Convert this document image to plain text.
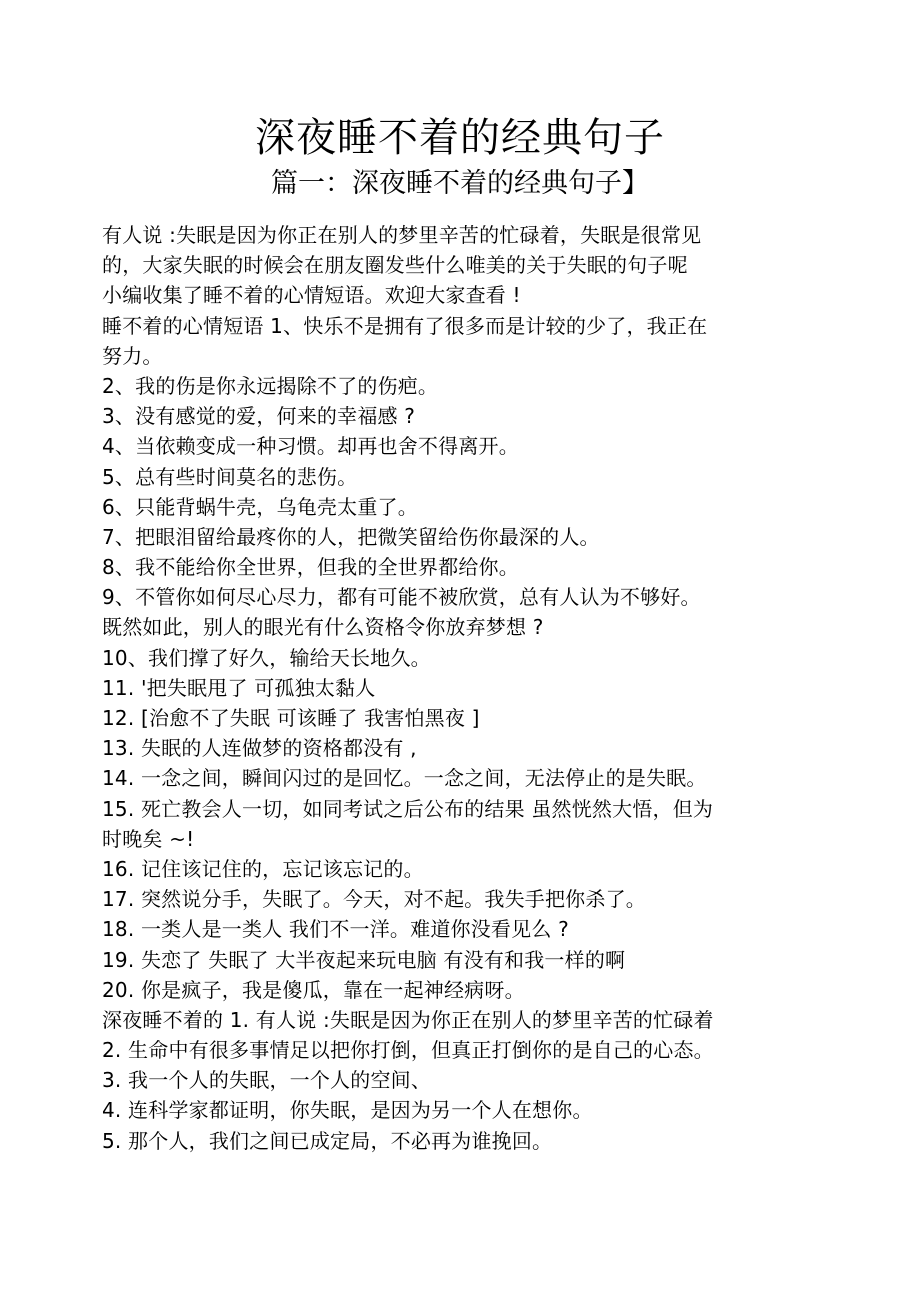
深夜睡不着的经典句子
篇一：深夜睡不着的经典句子】
有人说 :失眠是因为你正在别人的梦里辛苦的忙碌着，失眠是很常见
的，大家失眠的时候会在朋友圈发些什么唯美的关于失眠的句子呢
小编收集了睡不着的心情短语。欢迎大家查看 !
睡不着的心情短语 1、快乐不是拥有了很多而是计较的少了，我正在
努力。
2、我的伤是你永远揭除不了的伤疤。
3、没有感觉的爱，何来的幸福感 ?
4、当依赖变成一种习惯。却再也舍不得离开。
5、总有些时间莫名的悲伤。
6、只能背蜗牛壳，乌龟壳太重了。
7、把眼泪留给最疼你的人，把微笑留给伤你最深的人。
8、我不能给你全世界，但我的全世界都给你。
9、不管你如何尽心尽力，都有可能不被欣赏，总有人认为不够好。
既然如此，别人的眼光有什么资格令你放弃梦想 ?
10、我们撑了好久，输给天长地久。
11. '把失眠甩了 可孤独太黏人
12. [治愈不了失眠 可该睡了 我害怕黑夜 ]
13. 失眠的人连做梦的资格都没有 ,
14. 一念之间，瞬间闪过的是回忆。一念之间，无法停止的是失眠。
15. 死亡教会人一切，如同考试之后公布的结果 虽然恍然大悟，但为
时晚矣 ~!
16. 记住该记住的，忘记该忘记的。
17. 突然说分手，失眠了。今天，对不起。我失手把你杀了。
18. 一类人是一类人 我们不一洋。难道你没看见么 ?
19. 失恋了 失眠了 大半夜起来玩电脑 有没有和我一样的啊
20. 你是疯子，我是傻瓜，靠在一起神经病呀。
深夜睡不着的 1. 有人说 :失眠是因为你正在别人的梦里辛苦的忙碌着
2. 生命中有很多事情足以把你打倒，但真正打倒你的是自己的心态。
3. 我一个人的失眠，一个人的空间、
4. 连科学家都证明，你失眠，是因为另一个人在想你。
5. 那个人，我们之间已成定局，不必再为谁挽回。
